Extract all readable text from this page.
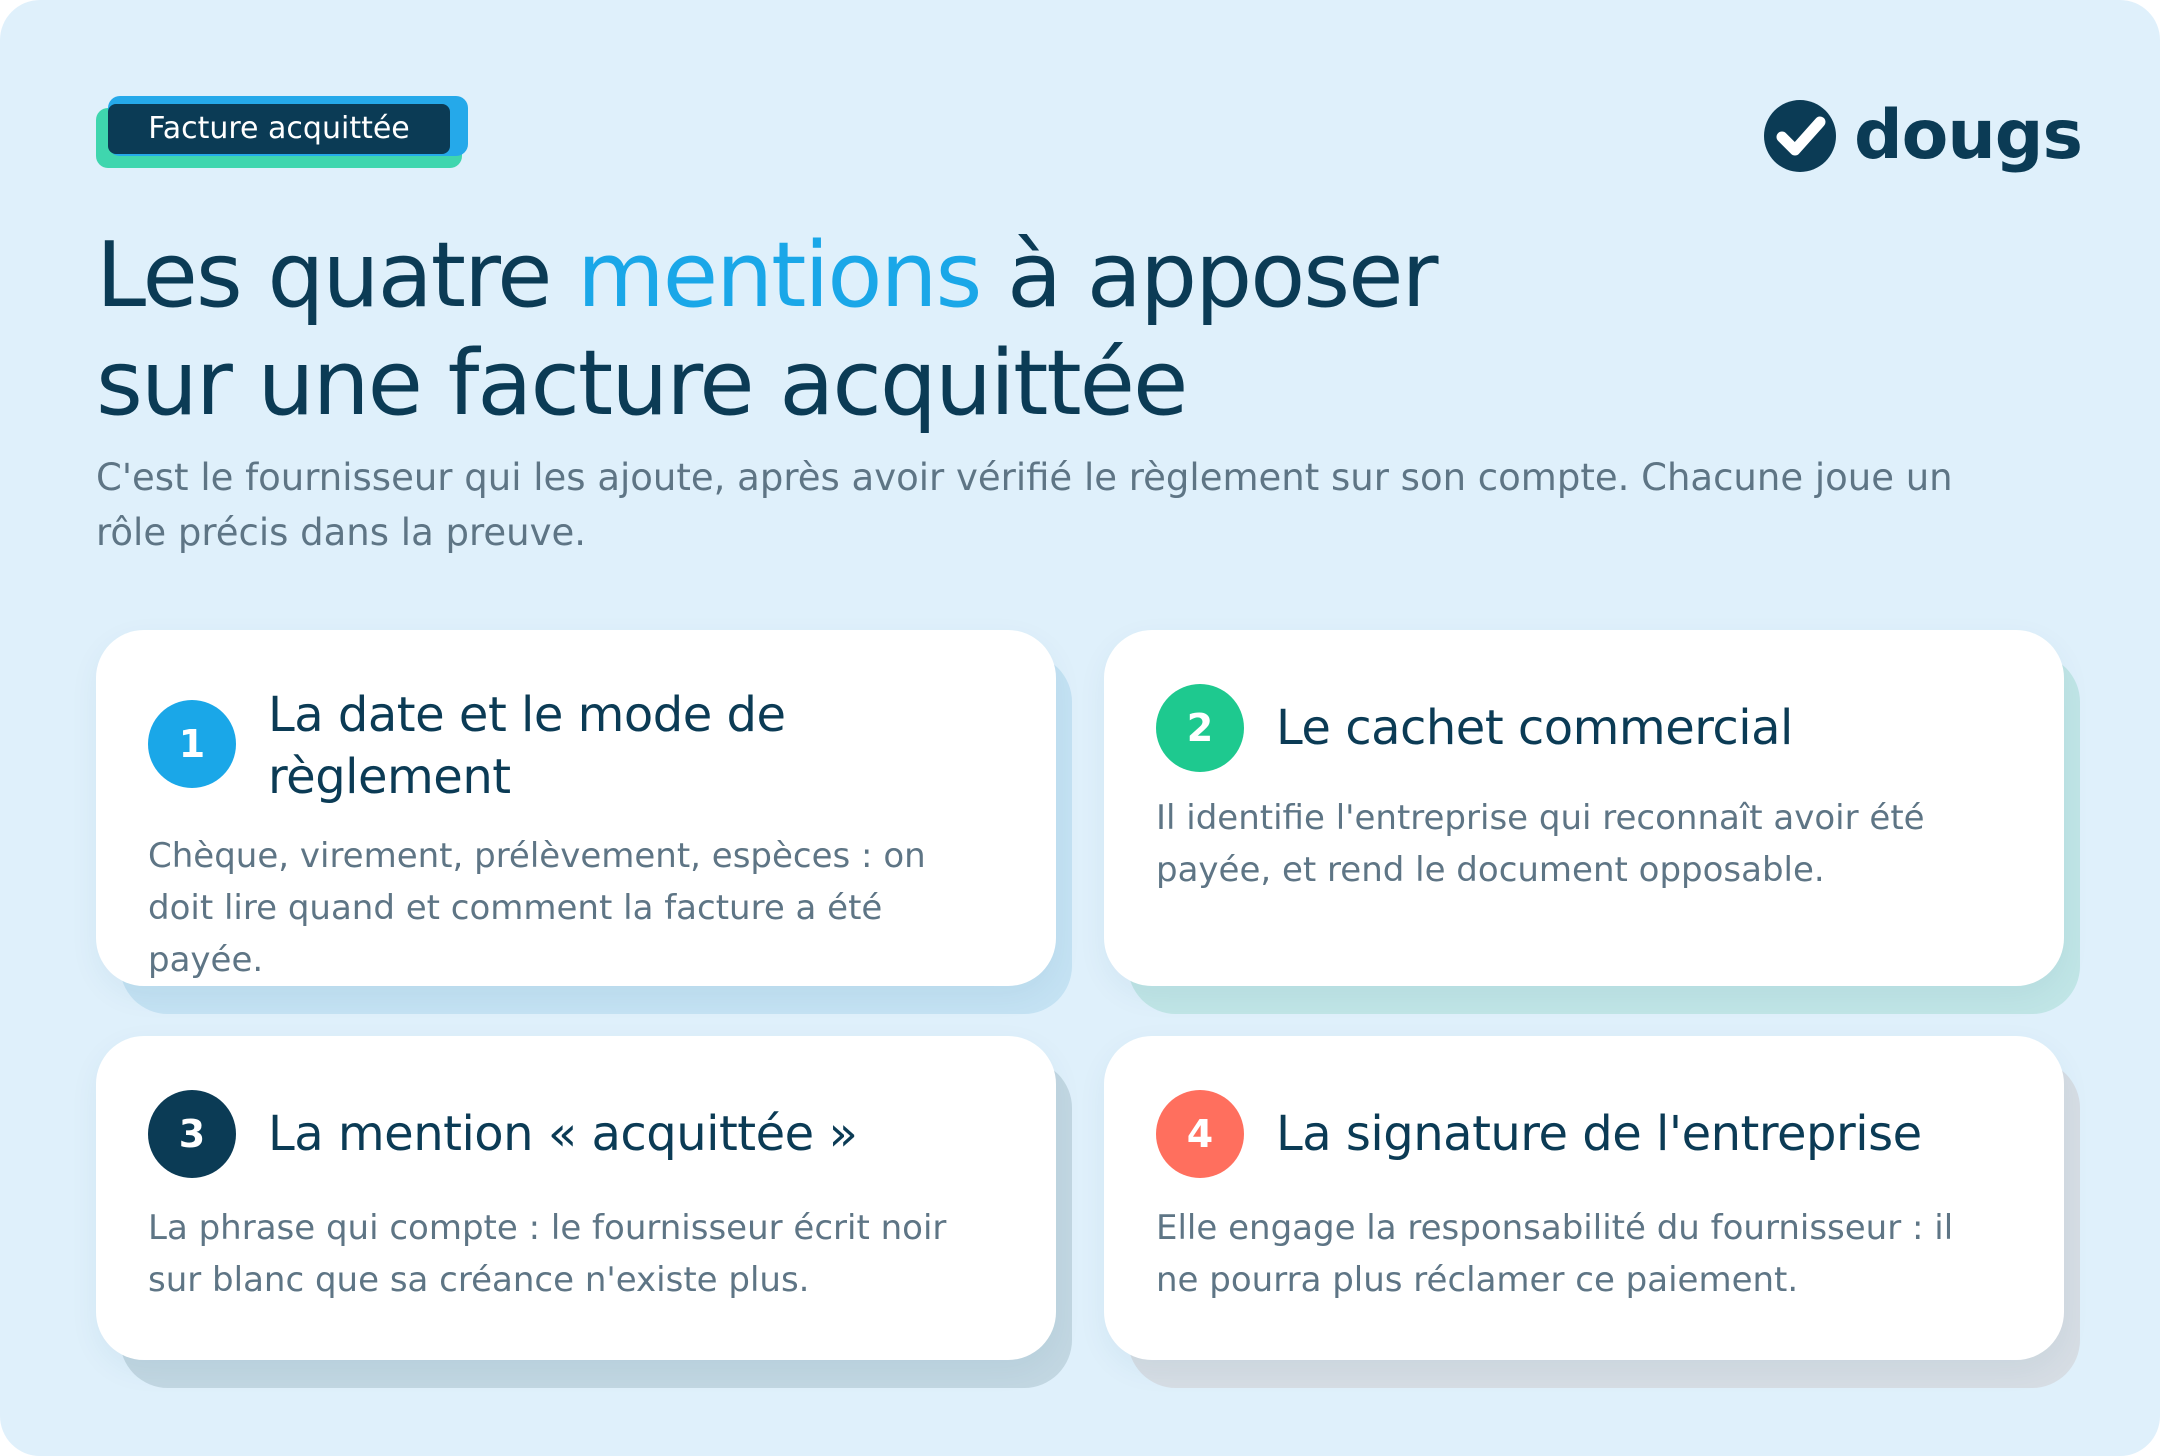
Facture acquittée	dougs
Les quatre mentions à apposer
sur une facture acquittée
C'est le fournisseur qui les ajoute, après avoir vérifié le règlement sur son compte. Chacune joue un rôle précis dans la preuve.
1
La date et le mode de règlement
Chèque, virement, prélèvement, espèces : on doit lire quand et comment la facture a été payée.
2	Le cachet commercial
Il identifie l'entreprise qui reconnaît avoir été payée, et rend le document opposable.
3	La mention « acquittée »
La phrase qui compte : le fournisseur écrit noir sur blanc que sa créance n'existe plus.
4	La signature de l'entreprise
Elle engage la responsabilité du fournisseur : il ne pourra plus réclamer ce paiement.
